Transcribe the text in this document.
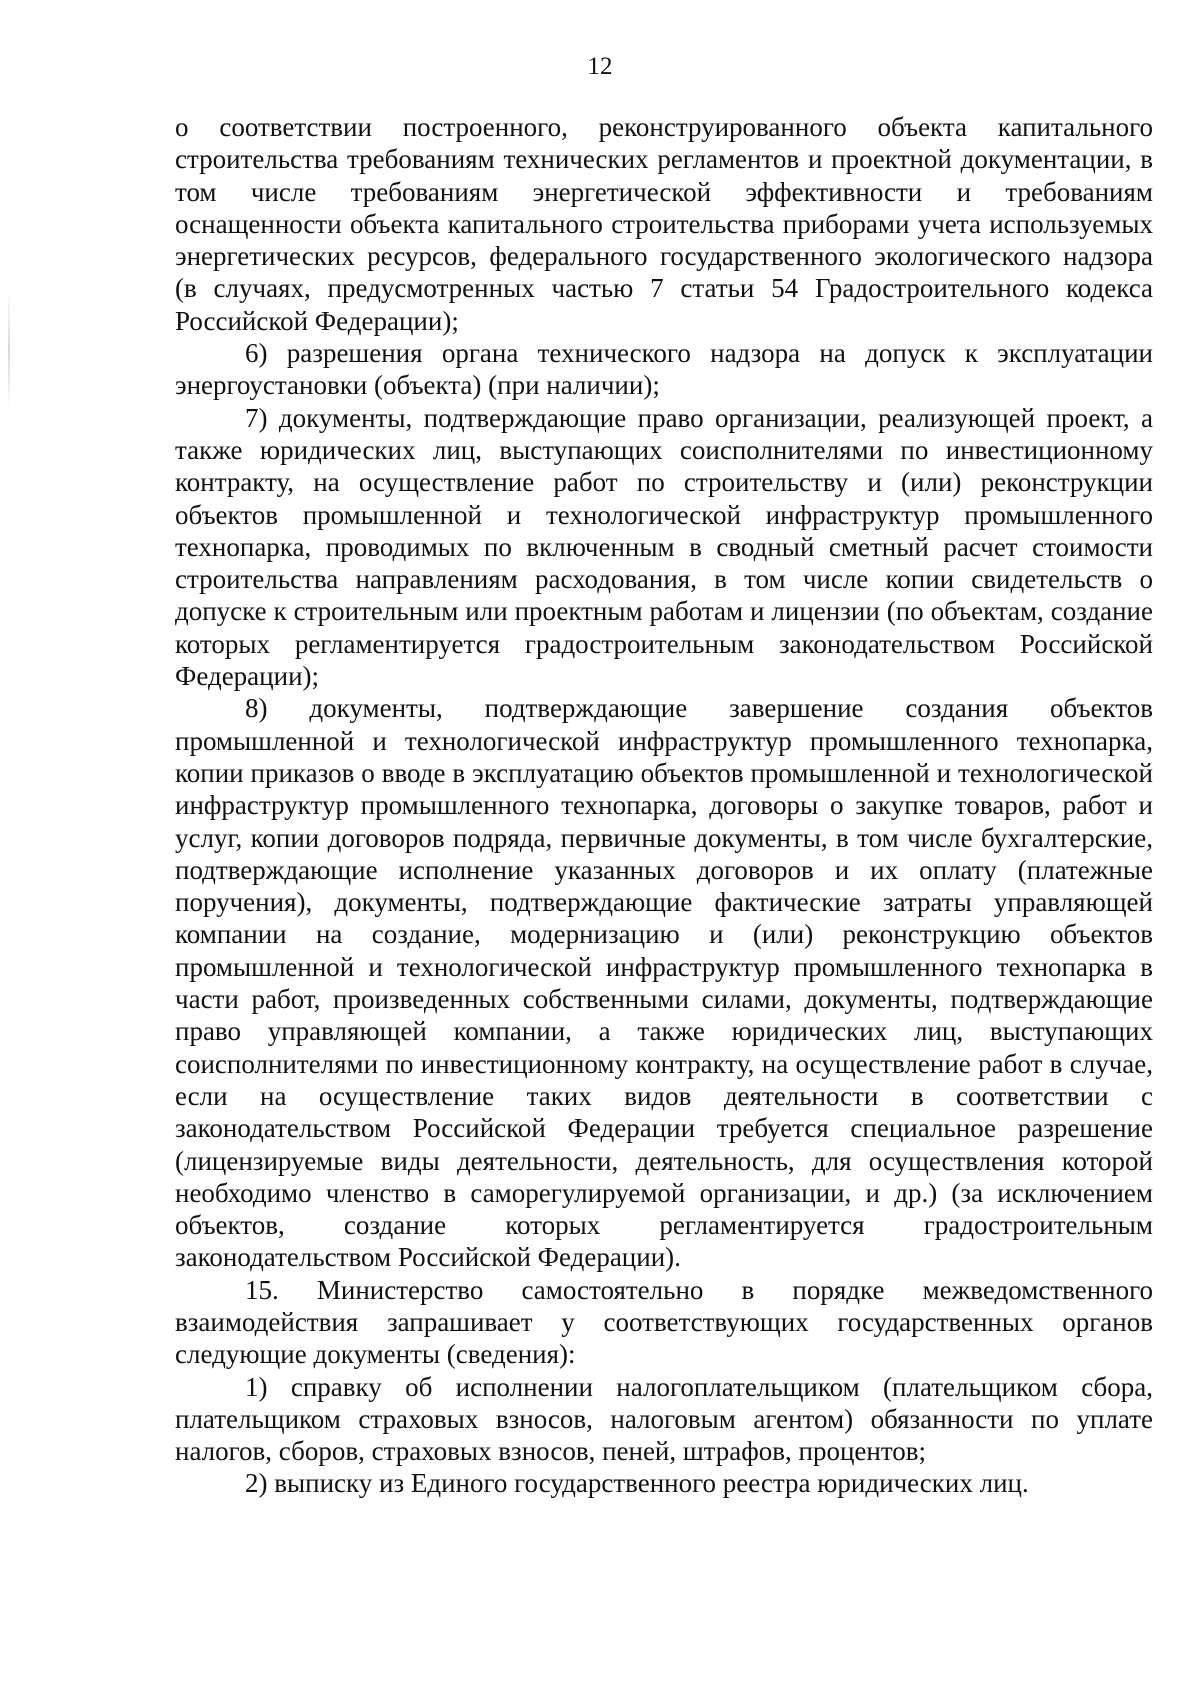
12

о соответствии построенного, реконструированного объекта капитального строительства требованиям технических регламентов и проектной документации, в том числе требованиям энергетической эффективности и требованиям оснащенности объекта капитального строительства приборами учета используемых энергетических ресурсов, федерального государственного экологического надзора (в случаях, предусмотренных частью 7 статьи 54 Градостроительного кодекса Российской Федерации);

6) разрешения органа технического надзора на допуск к эксплуатации энергоустановки (объекта) (при наличии);

7) документы, подтверждающие право организации, реализующей проект, а также юридических лиц, выступающих соисполнителями по инвестиционному контракту, на осуществление работ по строительству и (или) реконструкции объектов промышленной и технологической инфраструктур промышленного технопарка, проводимых по включенным в сводный сметный расчет стоимости строительства направлениям расходования, в том числе копии свидетельств о допуске к строительным или проектным работам и лицензии (по объектам, создание которых регламентируется градостроительным законодательством Российской Федерации);

8) документы, подтверждающие завершение создания объектов промышленной и технологической инфраструктур промышленного технопарка, копии приказов о вводе в эксплуатацию объектов промышленной и технологической инфраструктур промышленного технопарка, договоры о закупке товаров, работ и услуг, копии договоров подряда, первичные документы, в том числе бухгалтерские, подтверждающие исполнение указанных договоров и их оплату (платежные поручения), документы, подтверждающие фактические затраты управляющей компании на создание, модернизацию и (или) реконструкцию объектов промышленной и технологической инфраструктур промышленного технопарка в части работ, произведенных собственными силами, документы, подтверждающие право управляющей компании, а также юридических лиц, выступающих соисполнителями по инвестиционному контракту, на осуществление работ в случае, если на осуществление таких видов деятельности в соответствии с законодательством Российской Федерации требуется специальное разрешение (лицензируемые виды деятельности, деятельность, для осуществления которой необходимо членство в саморегулируемой организации, и др.) (за исключением объектов, создание которых регламентируется градостроительным законодательством Российской Федерации).

15. Министерство самостоятельно в порядке межведомственного взаимодействия запрашивает у соответствующих государственных органов следующие документы (сведения):

1) справку об исполнении налогоплательщиком (плательщиком сбора, плательщиком страховых взносов, налоговым агентом) обязанности по уплате налогов, сборов, страховых взносов, пеней, штрафов, процентов;

2) выписку из Единого государственного реестра юридических лиц.
